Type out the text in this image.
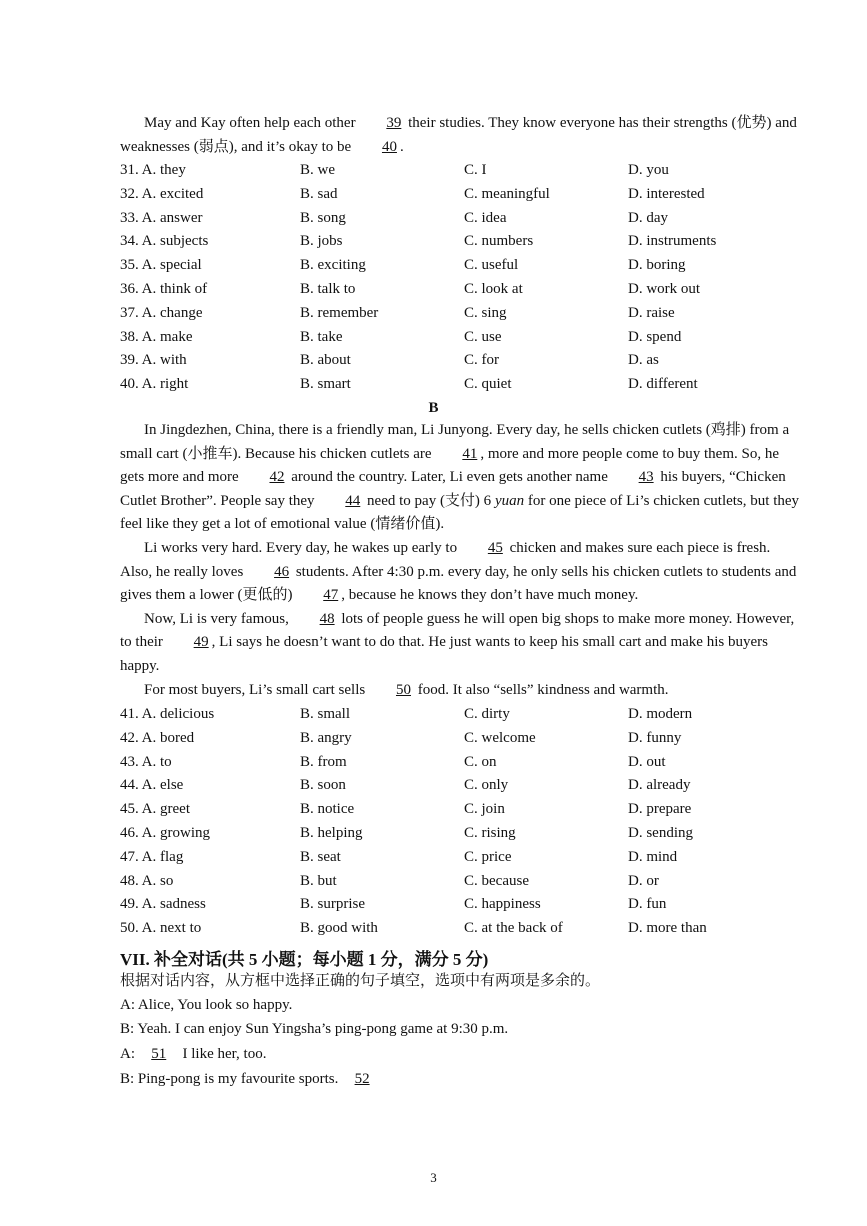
May and Kay often help each other 39 their studies. They know everyone has their strengths (优势) and weaknesses (弱点), and it’s okay to be 40 .

31. A. they	B. we	C. I	D. you
32. A. excited	B. sad	C. meaningful	D. interested
33. A. answer	B. song	C. idea	D. day
34. A. subjects	B. jobs	C. numbers	D. instruments
35. A. special	B. exciting	C. useful	D. boring
36. A. think of	B. talk to	C. look at	D. work out
37. A. change	B. remember	C. sing	D. raise
38. A. make	B. take	C. use	D. spend
39. A. with	B. about	C. for	D. as
40. A. right	B. smart	C. quiet	D. different
B

In Jingdezhen, China, there is a friendly man, Li Junyong. Every day, he sells chicken cutlets (鸡排) from a small cart (小推车). Because his chicken cutlets are 41 , more and more people come to buy them. So, he gets more and more 42 around the country. Later, Li even gets another name 43 his buyers, “Chicken Cutlet Brother”. People say they 44 need to pay (支付) 6 yuan for one piece of Li’s chicken cutlets, but they feel like they get a lot of emotional value (情绪价值).

Li works very hard. Every day, he wakes up early to 45 chicken and makes sure each piece is fresh. Also, he really loves 46 students. After 4:30 p.m. every day, he only sells his chicken cutlets to students and gives them a lower (更低的) 47 , because he knows they don’t have much money.

Now, Li is very famous, 48 lots of people guess he will open big shops to make more money. However, to their 49 , Li says he doesn’t want to do that. He just wants to keep his small cart and make his buyers happy.

For most buyers, Li’s small cart sells 50 food. It also “sells” kindness and warmth.

41. A. delicious	B. small	C. dirty	D. modern
42. A. bored	B. angry	C. welcome	D. funny
43. A. to	B. from	C. on	D. out
44. A. else	B. soon	C. only	D. already
45. A. greet	B. notice	C. join	D. prepare
46. A. growing	B. helping	C. rising	D. sending
47. A. flag	B. seat	C. price	D. mind
48. A. so	B. but	C. because	D. or
49. A. sadness	B. surprise	C. happiness	D. fun
50. A. next to	B. good with	C. at the back of	D. more than
VII. 补全对话(共 5 小题；每小题 1 分，满分 5 分)
根据对话内容，从方框中选择正确的句子填空，选项中有两项是多余的。
A: Alice, You look so happy.
B: Yeah. I can enjoy Sun Yingsha’s ping-pong game at 9:30 p.m.
A: 51 I like her, too.
B: Ping-pong is my favourite sports. 52
3
